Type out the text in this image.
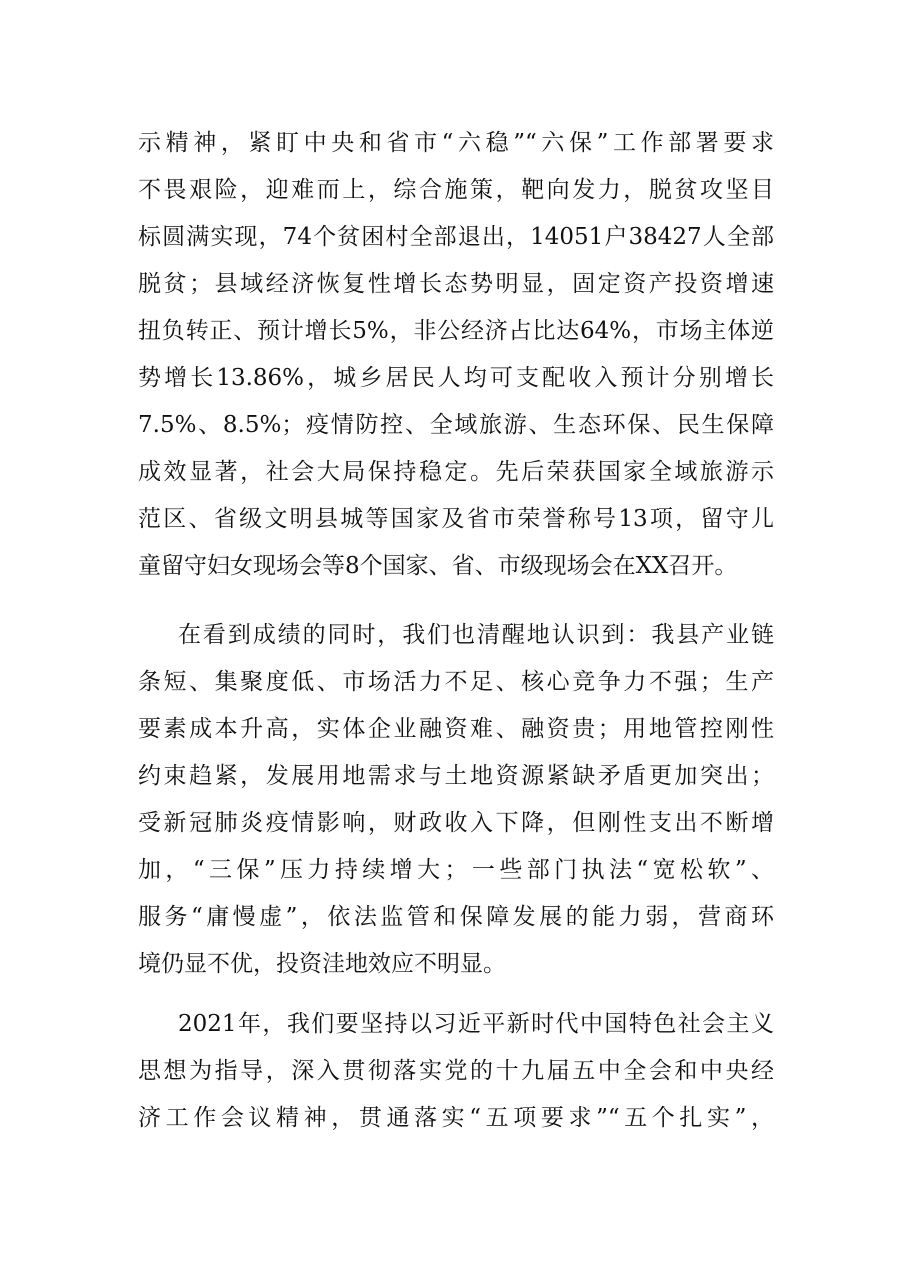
示精神，紧盯中央和省市“六稳”“六保”工作部署要求
不畏艰险，迎难而上，综合施策，靶向发力，脱贫攻坚目
标圆满实现，74个贫困村全部退出，14051户38427人全部
脱贫；县域经济恢复性增长态势明显，固定资产投资增速
扭负转正、预计增长5%，非公经济占比达64%，市场主体逆
势增长13.86%，城乡居民人均可支配收入预计分别增长
7.5%、8.5%；疫情防控、全域旅游、生态环保、民生保障
成效显著，社会大局保持稳定。先后荣获国家全域旅游示
范区、省级文明县城等国家及省市荣誉称号13项，留守儿
童留守妇女现场会等8个国家、省、市级现场会在XX召开。
在看到成绩的同时，我们也清醒地认识到：我县产业链
条短、集聚度低、市场活力不足、核心竞争力不强；生产
要素成本升高，实体企业融资难、融资贵；用地管控刚性
约束趋紧，发展用地需求与土地资源紧缺矛盾更加突出；
受新冠肺炎疫情影响，财政收入下降，但刚性支出不断增
加，“三保”压力持续增大；一些部门执法“宽松软”、
服务“庸慢虚”，依法监管和保障发展的能力弱，营商环
境仍显不优，投资洼地效应不明显。
2021年，我们要坚持以习近平新时代中国特色社会主义
思想为指导，深入贯彻落实党的十九届五中全会和中央经
济工作会议精神，贯通落实“五项要求”“五个扎实”，
